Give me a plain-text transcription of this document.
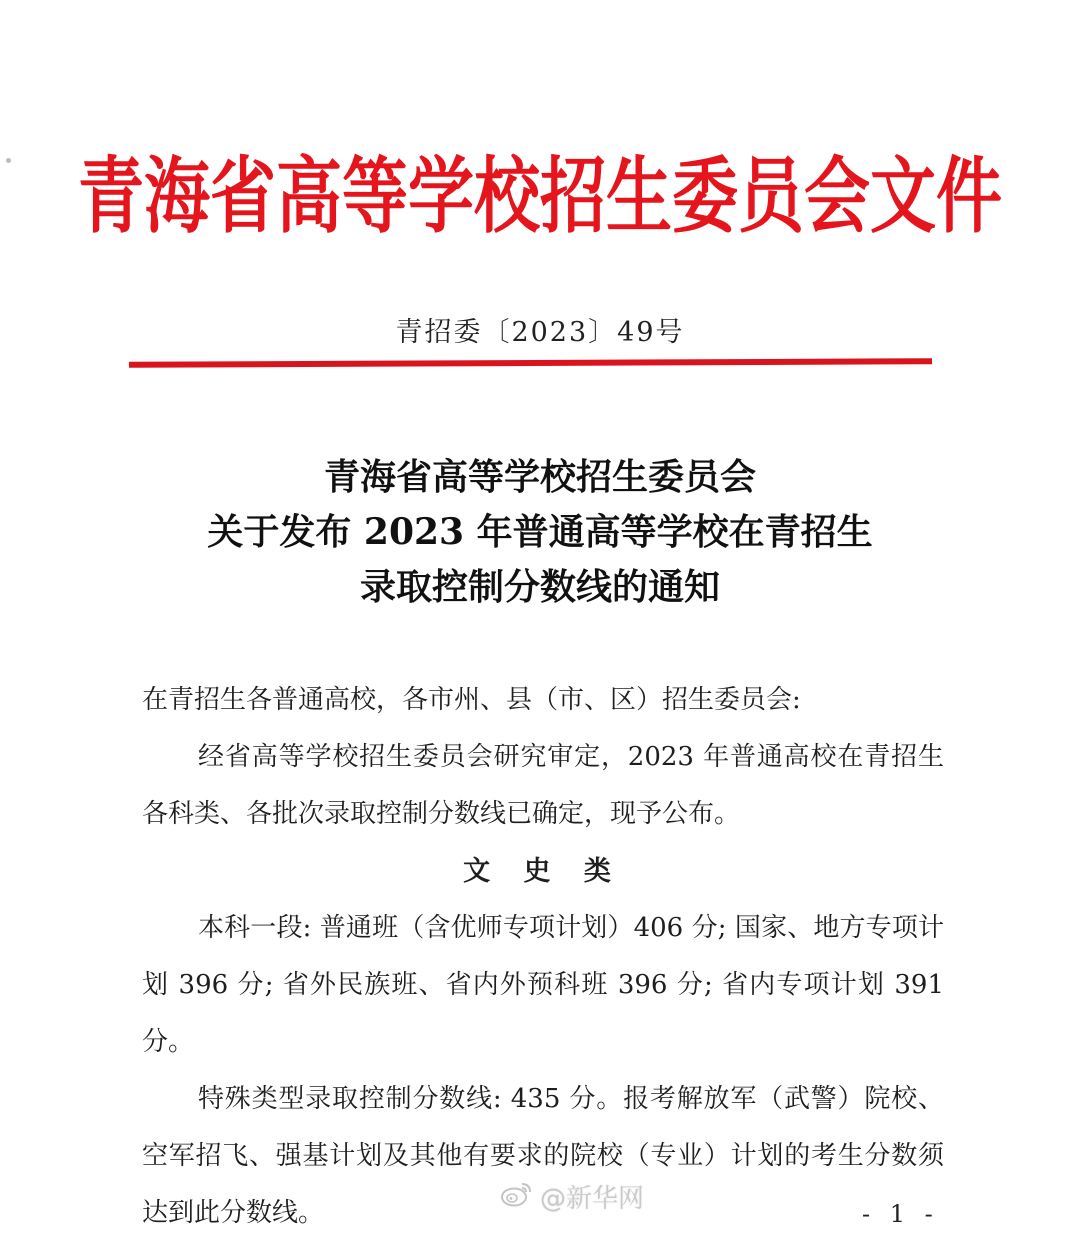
青海省高等学校招生委员会文件
青招委〔2023〕49号
青海省高等学校招生委员会
关于发布 2023 年普通高等学校在青招生
录取控制分数线的通知

在青招生各普通高校，各市州、县（市、区）招生委员会:

经省高等学校招生委员会研究审定，2023 年普通高校在青招生各科类、各批次录取控制分数线已确定，现予公布。

文 史 类

本科一段: 普通班（含优师专项计划）406 分; 国家、地方专项计划 396 分; 省外民族班、省内外预科班 396 分; 省内专项计划 391 分。

特殊类型录取控制分数线: 435 分。报考解放军（武警）院校、空军招飞、强基计划及其他有要求的院校（专业）计划的考生分数须达到此分数线。	@新华网	- 1 -
